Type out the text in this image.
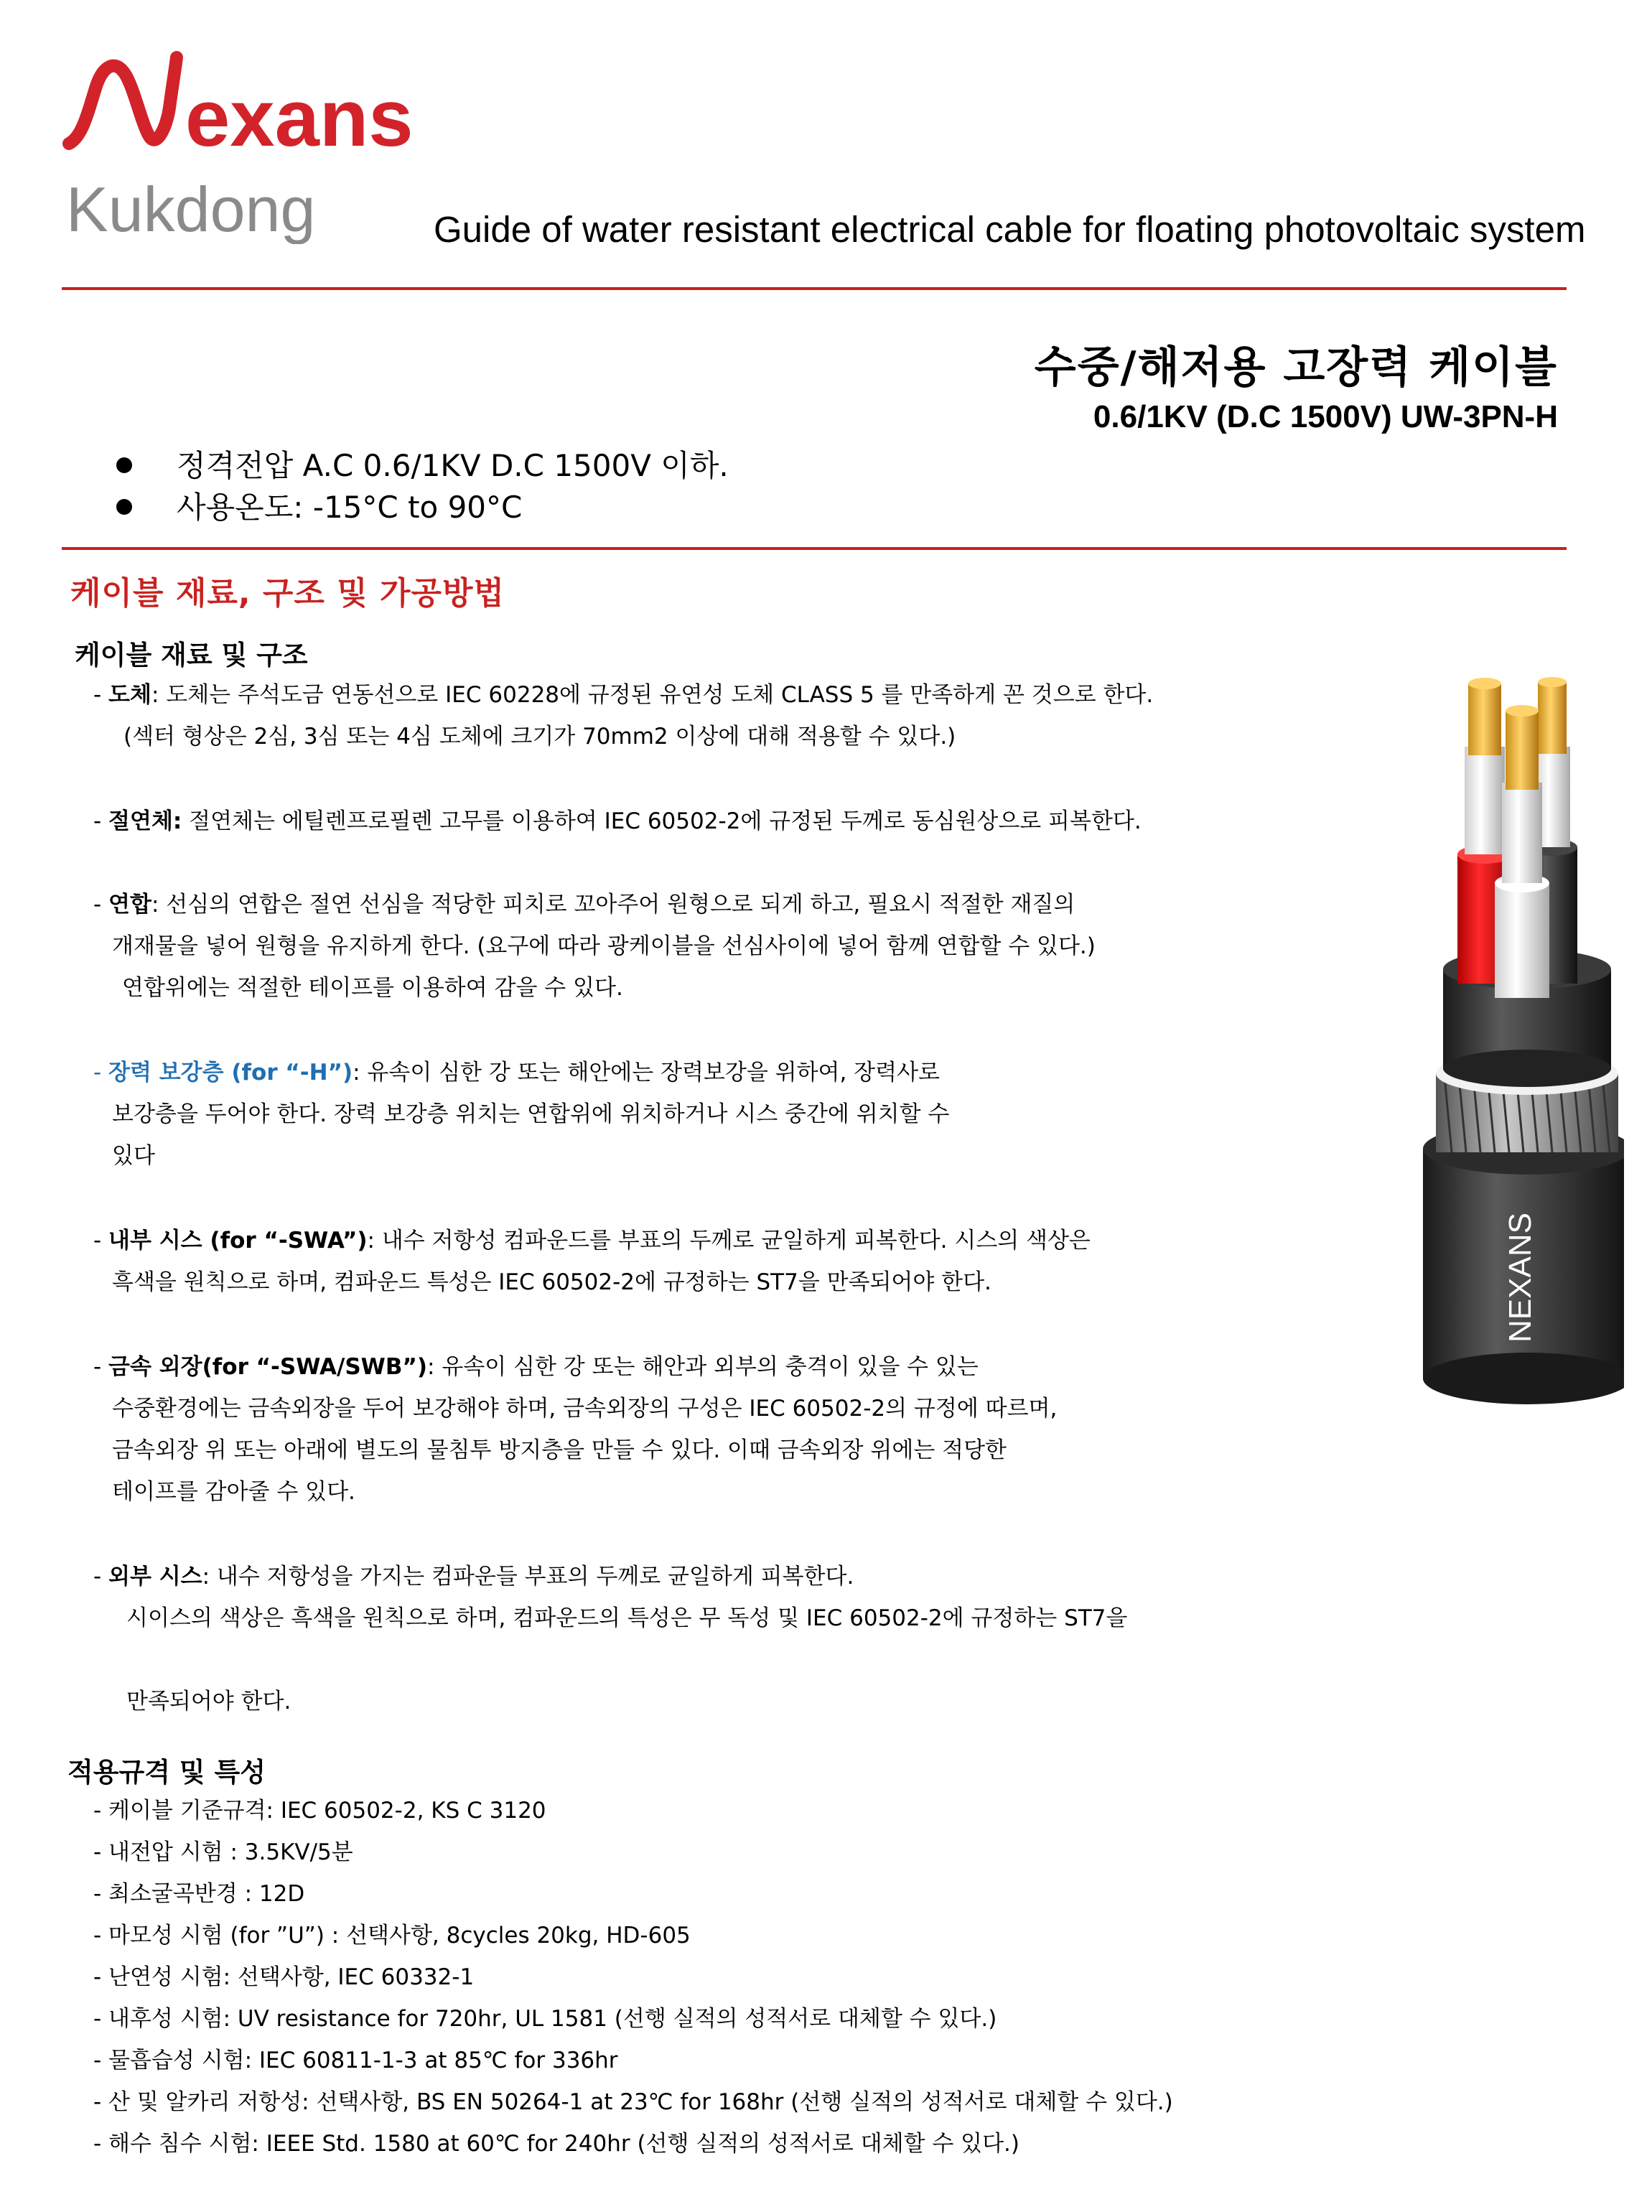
exans
Kukdong	Guide of water resistant electrical cable for floating photovoltaic system
수중/해저용 고장력 케이블
0.6/1KV (D.C 1500V) UW-3PN-H
정격전압 A.C 0.6/1KV D.C 1500V 이하.
사용온도: -15°C to 90°C
케이블 재료, 구조 및 가공방법
케이블 재료 및 구조
- 도체: 도체는 주석도금 연동선으로 IEC 60228에 규정된 유연성 도체 CLASS 5 를 만족하게 꼰 것으로 한다.
(섹터 형상은 2심, 3심 또는 4심 도체에 크기가 70mm2 이상에 대해 적용할 수 있다.)
- 절연체: 절연체는 에틸렌프로필렌 고무를 이용하여 IEC 60502-2에 규정된 두께로 동심원상으로 피복한다.
- 연합: 선심의 연합은 절연 선심을 적당한 피치로 꼬아주어 원형으로 되게 하고, 필요시 적절한 재질의
개재물을 넣어 원형을 유지하게 한다. (요구에 따라 광케이블을 선심사이에 넣어 함께 연합할 수 있다.)
연합위에는 적절한 테이프를 이용하여 감을 수 있다.
- 장력 보강층 (for “-H”): 유속이 심한 강 또는 해안에는 장력보강을 위하여, 장력사로
보강층을 두어야 한다. 장력 보강층 위치는 연합위에 위치하거나 시스 중간에 위치할 수
있다
- 내부 시스 (for “-SWA”): 내수 저항성 컴파운드를 부표의 두께로 균일하게 피복한다. 시스의 색상은
흑색을 원칙으로 하며, 컴파운드 특성은 IEC 60502-2에 규정하는 ST7을 만족되어야 한다.
- 금속 외장(for “-SWA/SWB”): 유속이 심한 강 또는 해안과 외부의 충격이 있을 수 있는
수중환경에는 금속외장을 두어 보강해야 하며, 금속외장의 구성은 IEC 60502-2의 규정에 따르며,
금속외장 위 또는 아래에 별도의 물침투 방지층을 만들 수 있다. 이때 금속외장 위에는 적당한
테이프를 감아줄 수 있다.
- 외부 시스: 내수 저항성을 가지는 컴파운들 부표의 두께로 균일하게 피복한다.
시이스의 색상은 흑색을 원칙으로 하며, 컴파운드의 특성은 무 독성 및 IEC 60502-2에 규정하는 ST7을
만족되어야 한다.
적용규격 및 특성
- 케이블 기준규격: IEC 60502-2, KS C 3120
- 내전압 시험 : 3.5KV/5분
- 최소굴곡반경 : 12D
- 마모성 시험 (for ”U”) : 선택사항, 8cycles 20kg, HD-605
- 난연성 시험: 선택사항, IEC 60332-1
- 내후성 시험: UV resistance for 720hr, UL 1581 (선행 실적의 성적서로 대체할 수 있다.)
- 물흡습성 시험: IEC 60811-1-3 at 85℃ for 336hr
- 산 및 알카리 저항성: 선택사항, BS EN 50264-1 at 23℃ for 168hr (선행 실적의 성적서로 대체할 수 있다.)
- 해수 침수 시험: IEEE Std. 1580 at 60℃ for 240hr (선행 실적의 성적서로 대체할 수 있다.)
NEXANS
